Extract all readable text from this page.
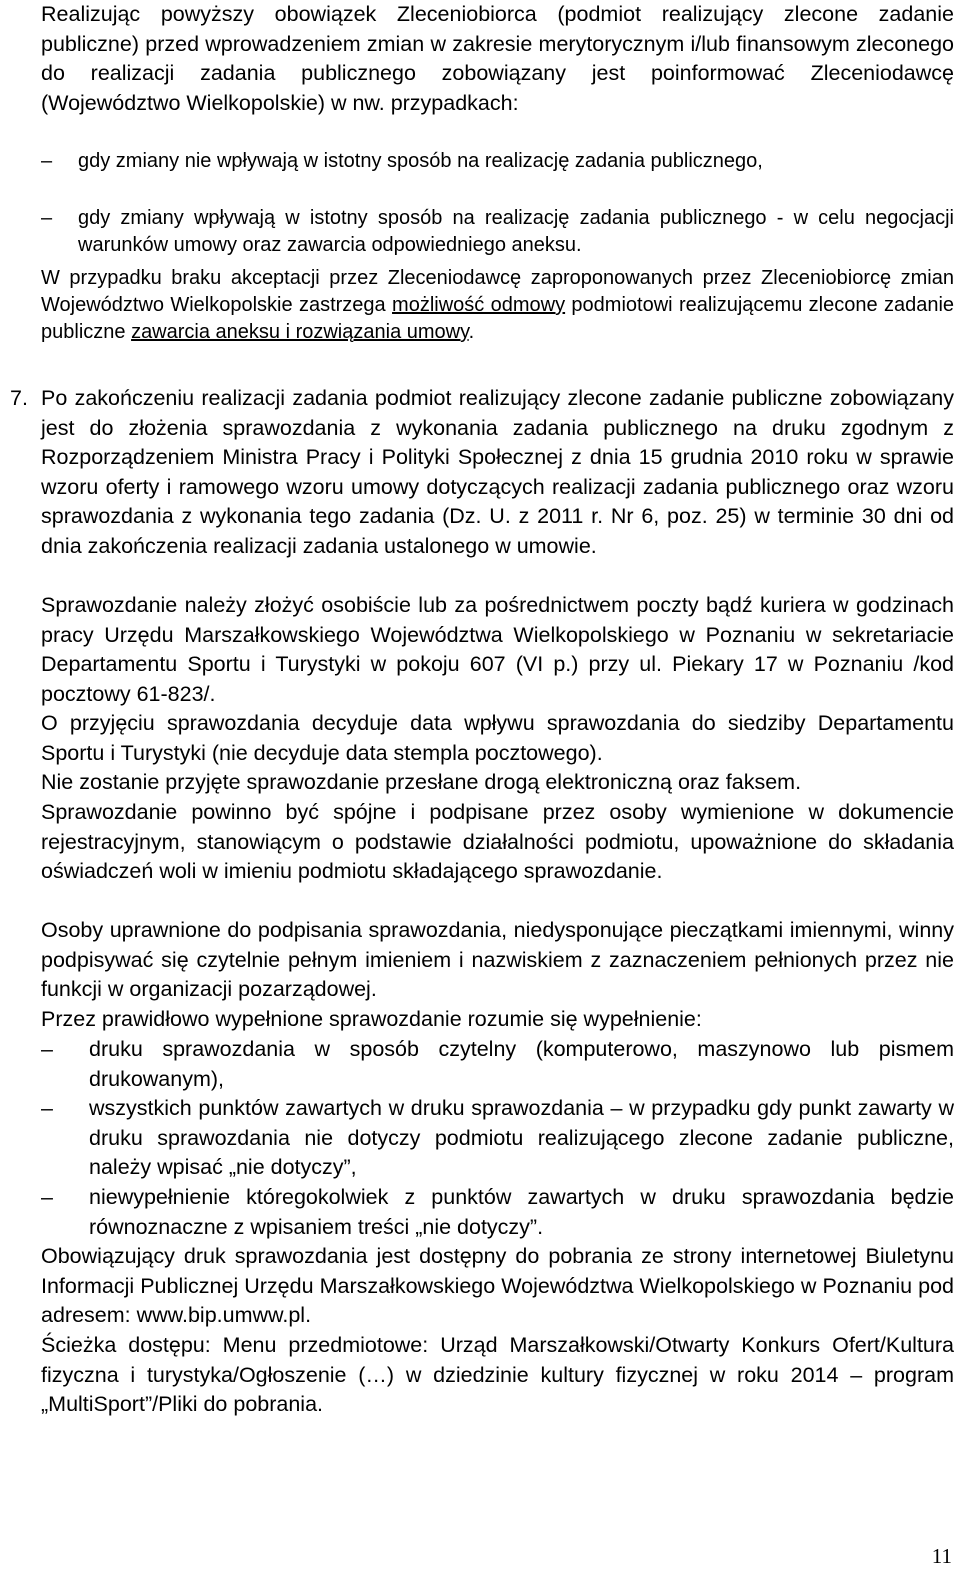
Realizując powyższy obowiązek Zleceniobiorca (podmiot realizujący zlecone zadanie publiczne) przed wprowadzeniem zmian w zakresie merytorycznym i/lub finansowym zleconego do realizacji zadania publicznego zobowiązany jest poinformować Zleceniodawcę (Województwo Wielkopolskie) w nw. przypadkach:

–	gdy zmiany nie wpływają w istotny sposób na realizację zadania publicznego,
–	gdy zmiany wpływają w istotny sposób na realizację zadania publicznego - w celu negocjacji warunków umowy oraz zawarcia odpowiedniego aneksu.

W przypadku braku akceptacji przez Zleceniodawcę zaproponowanych przez Zleceniobiorcę zmian Województwo Wielkopolskie zastrzega możliwość odmowy podmiotowi realizującemu zlecone zadanie publiczne zawarcia aneksu i rozwiązania umowy.

7. Po zakończeniu realizacji zadania podmiot realizujący zlecone zadanie publiczne zobowiązany jest do złożenia sprawozdania z wykonania zadania publicznego na druku zgodnym z Rozporządzeniem Ministra Pracy i Polityki Społecznej z dnia 15 grudnia 2010 roku w sprawie wzoru oferty i ramowego wzoru umowy dotyczących realizacji zadania publicznego oraz wzoru sprawozdania z wykonania tego zadania (Dz. U. z 2011 r. Nr 6, poz. 25) w terminie 30 dni od dnia zakończenia realizacji zadania ustalonego w umowie.

Sprawozdanie należy złożyć osobiście lub za pośrednictwem poczty bądź kuriera w godzinach pracy Urzędu Marszałkowskiego Województwa Wielkopolskiego w Poznaniu w sekretariacie Departamentu Sportu i Turystyki w pokoju 607 (VI p.) przy ul. Piekary 17 w Poznaniu /kod pocztowy 61-823/.

O przyjęciu sprawozdania decyduje data wpływu sprawozdania do siedziby Departamentu Sportu i Turystyki (nie decyduje data stempla pocztowego).

Nie zostanie przyjęte sprawozdanie przesłane drogą elektroniczną oraz faksem.

Sprawozdanie powinno być spójne i podpisane przez osoby wymienione w dokumencie rejestracyjnym, stanowiącym o podstawie działalności podmiotu, upoważnione do składania oświadczeń woli w imieniu podmiotu składającego sprawozdanie.

Osoby uprawnione do podpisania sprawozdania, niedysponujące pieczątkami imiennymi, winny podpisywać się czytelnie pełnym imieniem i nazwiskiem z zaznaczeniem pełnionych przez nie funkcji w organizacji pozarządowej.

Przez prawidłowo wypełnione sprawozdanie rozumie się wypełnienie:

–	druku sprawozdania w sposób czytelny (komputerowo, maszynowo lub pismem drukowanym),
–	wszystkich punktów zawartych w druku sprawozdania – w przypadku gdy punkt zawarty w druku sprawozdania nie dotyczy podmiotu realizującego zlecone zadanie publiczne, należy wpisać „nie dotyczy”,
–	niewypełnienie któregokolwiek z punktów zawartych w druku sprawozdania będzie równoznaczne z wpisaniem treści „nie dotyczy”.

Obowiązujący druk sprawozdania jest dostępny do pobrania ze strony internetowej Biuletynu Informacji Publicznej Urzędu Marszałkowskiego Województwa Wielkopolskiego w Poznaniu pod adresem: www.bip.umww.pl.

Ścieżka dostępu: Menu przedmiotowe: Urząd Marszałkowski/Otwarty Konkurs Ofert/Kultura fizyczna i turystyka/Ogłoszenie (…) w dziedzinie kultury fizycznej w roku 2014 – program „MultiSport”/Pliki do pobrania.

11
